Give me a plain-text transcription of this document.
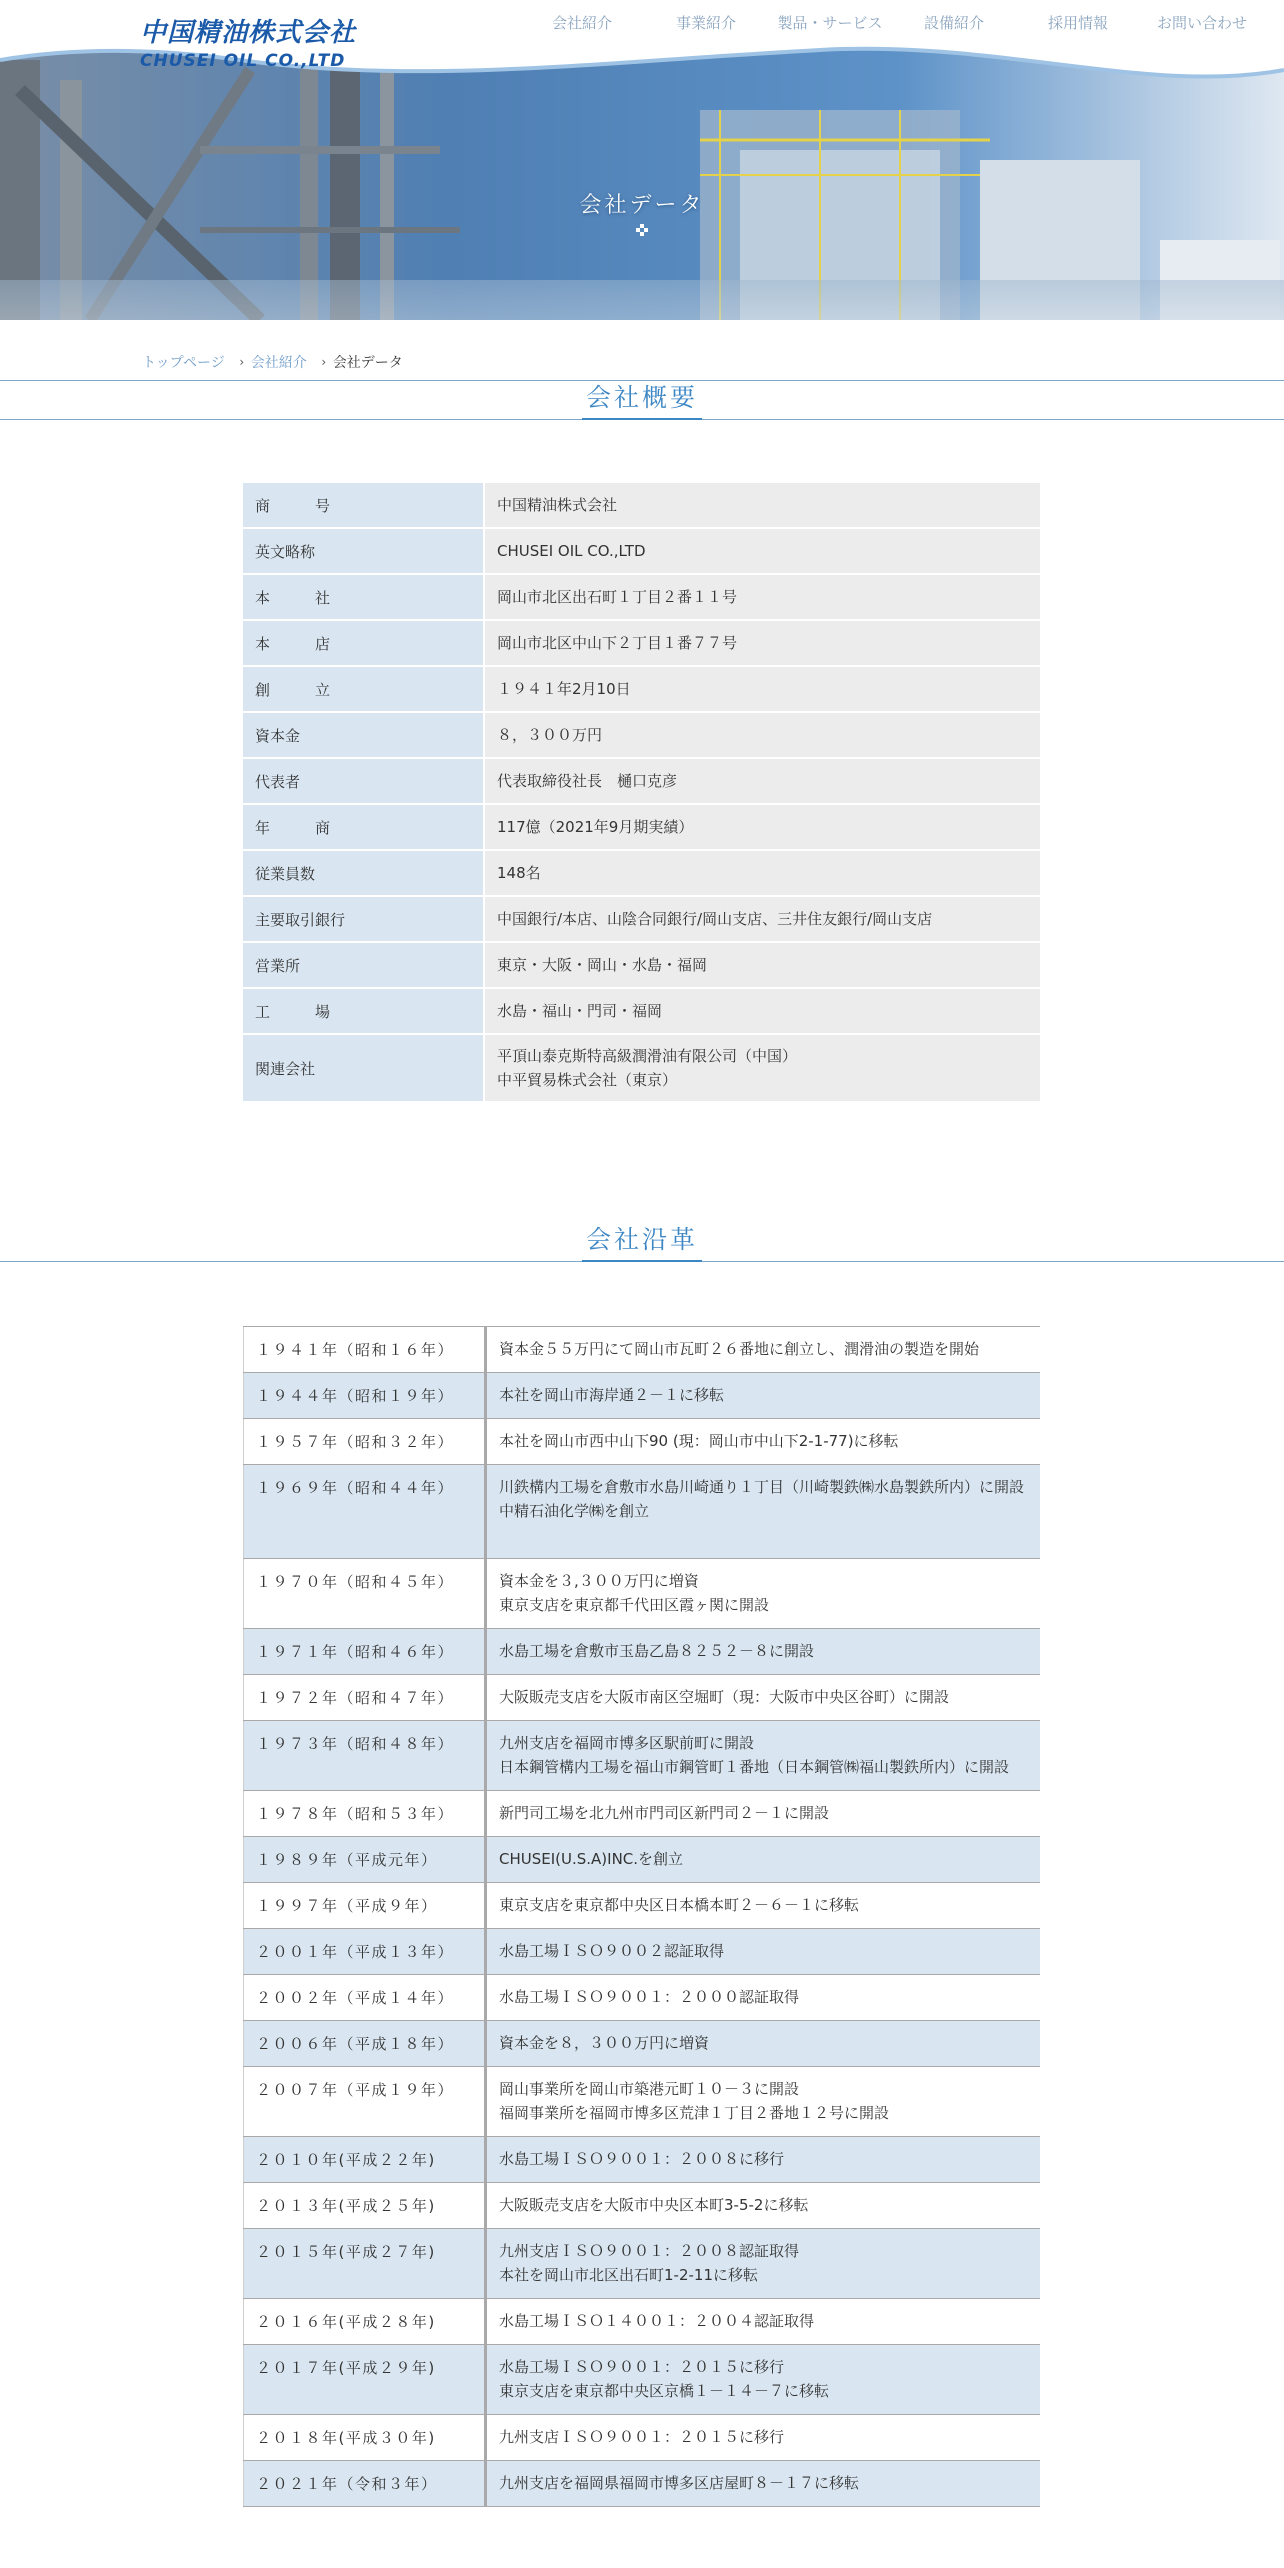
中国精油株式会社
CHUSEI OIL CO.,LTD
会社紹介	事業紹介	製品・サービス	設備紹介	採用情報	お問い合わせ
会社データ
トップページ	› 会社紹介	› 会社データ
会社概要
商　　　号	中国精油株式会社

英文略称	CHUSEI OIL CO.,LTD

本　　　社	岡山市北区出石町１丁目２番１１号

本　　　店	岡山市北区中山下２丁目１番７７号

創　　　立	１９４１年2月10日

資本金	８，３００万円

代表者	代表取締役社長　樋口克彦

年　　　商	117億（2021年9月期実績）

従業員数	148名

主要取引銀行	中国銀行/本店、山陰合同銀行/岡山支店、三井住友銀行/岡山支店

営業所	東京・大阪・岡山・水島・福岡

工　　　場	水島・福山・門司・福岡

関連会社	平頂山泰克斯特高級潤滑油有限公司（中国）
中平貿易株式会社（東京）
会社沿革
１９４１年（昭和１６年）	資本金５５万円にて岡山市瓦町２６番地に創立し、潤滑油の製造を開始

１９４４年（昭和１９年）	本社を岡山市海岸通２－１に移転

１９５７年（昭和３２年）	本社を岡山市西中山下90 (現：岡山市中山下2-1-77)に移転

１９６９年（昭和４４年）	川鉄構内工場を倉敷市水島川崎通り１丁目（川崎製鉄㈱水島製鉄所内）に開設
中精石油化学㈱を創立

１９７０年（昭和４５年）	資本金を３,３００万円に増資
東京支店を東京都千代田区霞ヶ関に開設

１９７１年（昭和４６年）	水島工場を倉敷市玉島乙島８２５２－８に開設

１９７２年（昭和４７年）	大阪販売支店を大阪市南区空堀町（現：大阪市中央区谷町）に開設

１９７３年（昭和４８年）	九州支店を福岡市博多区駅前町に開設
日本鋼管構内工場を福山市鋼管町１番地（日本鋼管㈱福山製鉄所内）に開設

１９７８年（昭和５３年）	新門司工場を北九州市門司区新門司２－１に開設

１９８９年（平成元年）	CHUSEI(U.S.A)INC.を創立

１９９７年（平成９年）	東京支店を東京都中央区日本橋本町２－６－１に移転

２００１年（平成１３年）	水島工場ＩＳＯ９００２認証取得

２００２年（平成１４年）	水島工場ＩＳＯ９００１：２０００認証取得

２００６年（平成１８年）	資本金を８，３００万円に増資

２００７年（平成１９年）	岡山事業所を岡山市築港元町１０－３に開設
福岡事業所を福岡市博多区荒津１丁目２番地１２号に開設

２０１０年(平成２２年)	水島工場ＩＳＯ９００１：２００８に移行

２０１３年(平成２５年)	大阪販売支店を大阪市中央区本町3-5-2に移転

２０１５年(平成２７年)	九州支店ＩＳＯ９００１：２００８認証取得
本社を岡山市北区出石町1-2-11に移転

２０１６年(平成２８年)	水島工場ＩＳＯ１４００１：２００４認証取得

２０１７年(平成２９年)	水島工場ＩＳＯ９００１：２０１５に移行
東京支店を東京都中央区京橋１－１４－７に移転

２０１８年(平成３０年)	九州支店ＩＳＯ９００１：２０１５に移行

２０２１年（令和３年）	九州支店を福岡県福岡市博多区店屋町８－１７に移転
